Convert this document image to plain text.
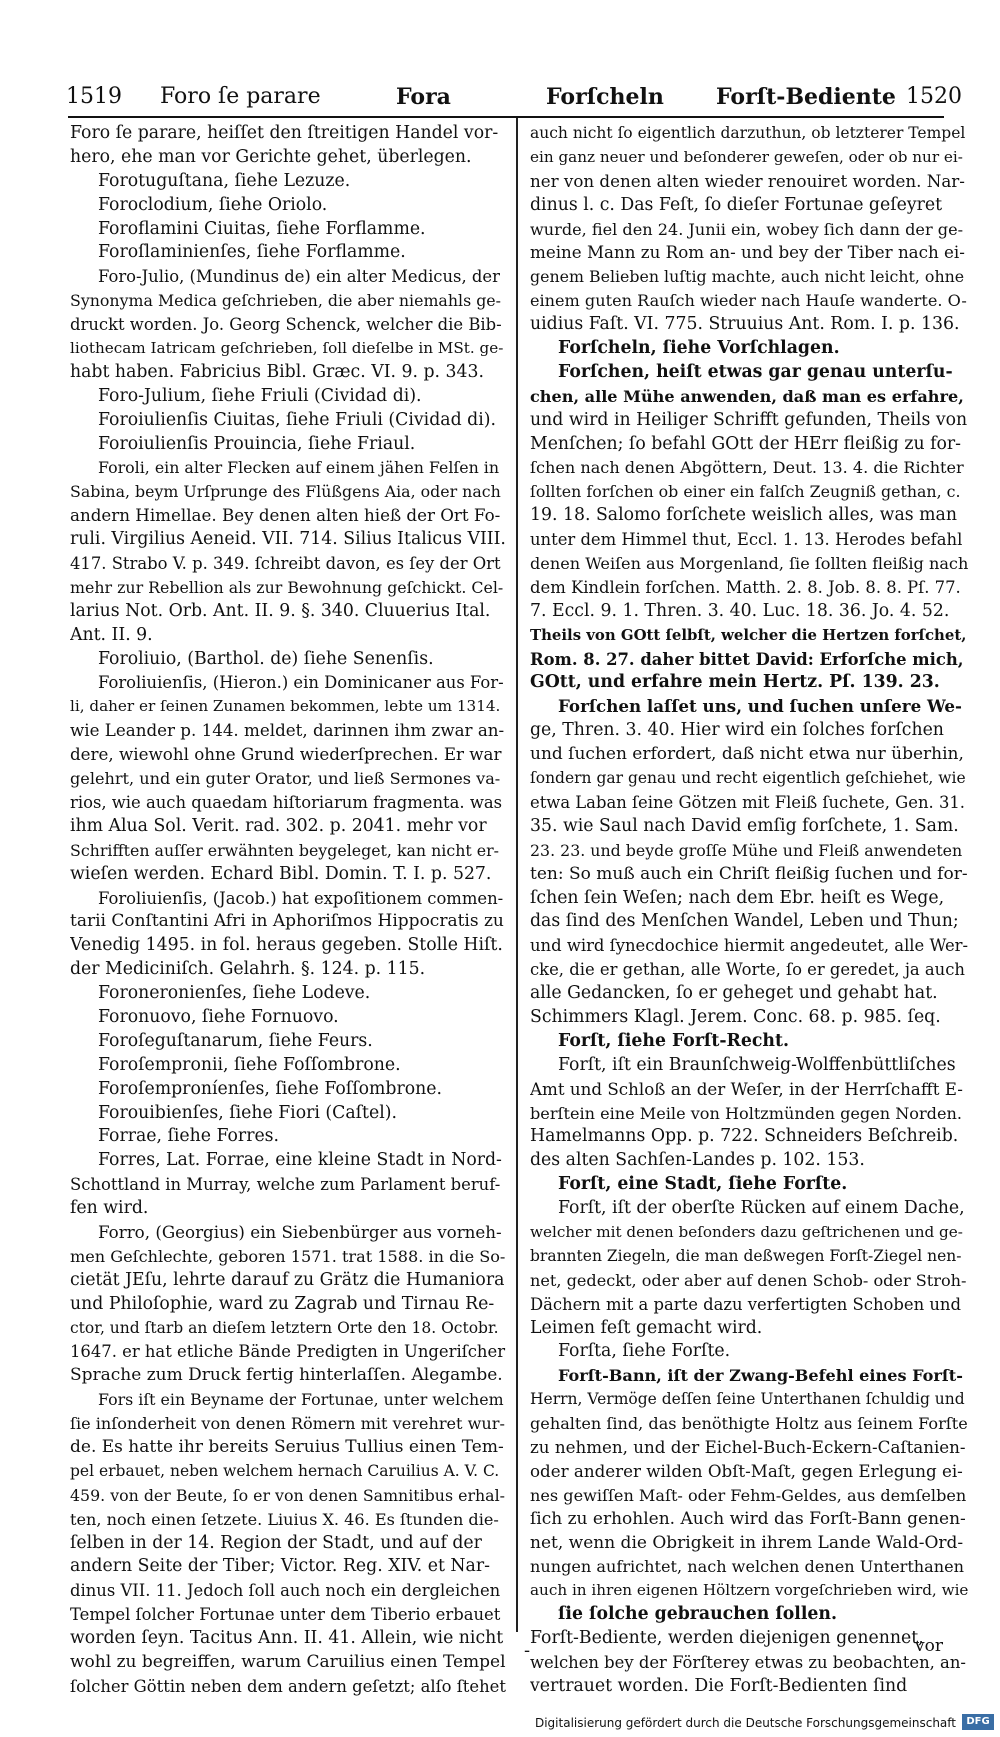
1519 Foro ſe parare	Fora	Forſcheln Forſt-Bediente 1520
Foro ſe parare, heiſſet den ſtreitigen Handel vor-
hero, ehe man vor Gerichte gehet, überlegen.
Forotuguſtana, ſiehe Lezuze.
Foroclodium, ſiehe Oriolo.
Foroflamini Ciuitas, ſiehe Forflamme.
Foroſlaminienſes, ſiehe Forflamme.
Foro-Julio, (Mundinus de) ein alter Medicus, der
Synonyma Medica geſchrieben, die aber niemahls ge-
druckt worden. Jo. Georg Schenck, welcher die Bib-
liothecam Iatricam geſchrieben, ſoll dieſelbe in MSt. ge-
habt haben. Fabricius Bibl. Græc. VI. 9. p. 343.
Foro-Julium, ſiehe Friuli (Cividad di).
Foroiulienſis Ciuitas, ſiehe Friuli (Cividad di).
Foroiulienſis Prouincia, ſiehe Friaul.
Foroli, ein alter Flecken auf einem jähen Felſen in
Sabina, beym Urſprunge des Flüßgens Aia, oder nach
andern Himellae. Bey denen alten hieß der Ort Fo-
ruli. Virgilius Aeneid. VII. 714. Silius Italicus VIII.
417. Strabo V. p. 349. ſchreibt davon, es ſey der Ort
mehr zur Rebellion als zur Bewohnung geſchickt. Cel-
larius Not. Orb. Ant. II. 9. §. 340. Cluuerius Ital.
Ant. II. 9.
Foroliuio, (Barthol. de) ſiehe Senenſis.
Foroliuienſis, (Hieron.) ein Dominicaner aus For-
li, daher er ſeinen Zunamen bekommen, lebte um 1314.
wie Leander p. 144. meldet, darinnen ihm zwar an-
dere, wiewohl ohne Grund wiederſprechen. Er war
gelehrt, und ein guter Orator, und ließ Sermones va-
rios, wie auch quaedam hiſtoriarum fragmenta. was
ihm Alua Sol. Verit. rad. 302. p. 2041. mehr vor
Schrifften auſſer erwähnten beygeleget, kan nicht er-
wieſen werden. Echard Bibl. Domin. T. I. p. 527.
Foroliuienſis, (Jacob.) hat expoſitionem commen-
tarii Conſtantini Afri in Aphoriſmos Hippocratis zu
Venedig 1495. in fol. heraus gegeben. Stolle Hiſt.
der Mediciniſch. Gelahrh. §. 124. p. 115.
Foroneronienſes, ſiehe Lodeve.
Foronuovo, ſiehe Fornuovo.
Foroſeguſtanarum, ſiehe Feurs.
Foroſempronii, ſiehe Foſſombrone.
Foroſemproníenſes, ſiehe Foſſombrone.
Forouibienſes, ſiehe Fiori (Caſtel).
Forrae, ſiehe Forres.
Forres, Lat. Forrae, eine kleine Stadt in Nord-
Schottland in Murray, welche zum Parlament beruf-
fen wird.
Forro, (Georgius) ein Siebenbürger aus vorneh-
men Geſchlechte, geboren 1571. trat 1588. in die So-
cietät JEſu, lehrte darauf zu Grätz die Humaniora
und Philoſophie, ward zu Zagrab und Tirnau Re-
ctor, und ſtarb an dieſem letztern Orte den 18. Octobr.
1647. er hat etliche Bände Predigten in Ungeriſcher
Sprache zum Druck fertig hinterlaſſen. Alegambe.
Fors iſt ein Beyname der Fortunae, unter welchem
ſie inſonderheit von denen Römern mit verehret wur-
de. Es hatte ihr bereits Seruius Tullius einen Tem-
pel erbauet, neben welchem hernach Caruilius A. V. C.
459. von der Beute, ſo er von denen Samnitibus erhal-
ten, noch einen ſetzete. Liuius X. 46. Es ſtunden die-
ſelben in der 14. Region der Stadt, und auf der
andern Seite der Tiber; Victor. Reg. XIV. et Nar-
dinus VII. 11. Jedoch ſoll auch noch ein dergleichen
Tempel ſolcher Fortunae unter dem Tiberio erbauet
worden ſeyn. Tacitus Ann. II. 41. Allein, wie nicht
wohl zu begreiffen, warum Caruilius einen Tempel
ſolcher Göttin neben dem andern geſetzt; alſo ſtehet
auch nicht ſo eigentlich darzuthun, ob letzterer Tempel
ein ganz neuer und beſonderer geweſen, oder ob nur ei-
ner von denen alten wieder renouiret worden. Nar-
dinus l. c. Das Feſt, ſo dieſer Fortunae geſeyret
wurde, fiel den 24. Junii ein, wobey ſich dann der ge-
meine Mann zu Rom an- und bey der Tiber nach ei-
genem Belieben luſtig machte, auch nicht leicht, ohne
einem guten Rauſch wieder nach Hauſe wanderte. O-
uidius Faſt. VI. 775. Struuius Ant. Rom. I. p. 136.
Forſcheln, ſiehe Vorſchlagen.
Forſchen, heiſt etwas gar genau unterſu-
chen, alle Mühe anwenden, daß man es erfahre,
und wird in Heiliger Schrifft gefunden, Theils von
Menſchen; ſo befahl GOtt der HErr fleißig zu for-
ſchen nach denen Abgöttern, Deut. 13. 4. die Richter
ſollten forſchen ob einer ein falſch Zeugniß gethan, c.
19. 18. Salomo forſchete weislich alles, was man
unter dem Himmel thut, Eccl. 1. 13. Herodes befahl
denen Weiſen aus Morgenland, ſie ſollten fleißig nach
dem Kindlein forſchen. Matth. 2. 8. Job. 8. 8. Pſ. 77.
7. Eccl. 9. 1. Thren. 3. 40. Luc. 18. 36. Jo. 4. 52.
Theils von GOtt ſelbſt, welcher die Hertzen forſchet,
Rom. 8. 27. daher bittet David: Erforſche mich,
GOtt, und erfahre mein Hertz. Pſ. 139. 23.
Forſchen laſſet uns, und ſuchen unſere We-
ge, Thren. 3. 40. Hier wird ein ſolches forſchen
und ſuchen erfordert, daß nicht etwa nur überhin,
ſondern gar genau und recht eigentlich geſchiehet, wie
etwa Laban ſeine Götzen mit Fleiß ſuchete, Gen. 31.
35. wie Saul nach David emſig forſchete, 1. Sam.
23. 23. und beyde groſſe Mühe und Fleiß anwendeten
ten: So muß auch ein Chriſt fleißig ſuchen und for-
ſchen ſein Weſen; nach dem Ebr. heiſt es Wege,
das ſind des Menſchen Wandel, Leben und Thun;
und wird ſynecdochice hiermit angedeutet, alle Wer-
cke, die er gethan, alle Worte, ſo er geredet, ja auch
alle Gedancken, ſo er geheget und gehabt hat.
Schimmers Klagl. Jerem. Conc. 68. p. 985. ſeq.
Forſt, ſiehe Forſt-Recht.
Forſt, iſt ein Braunſchweig-Wolffenbüttliſches
Amt und Schloß an der Weſer, in der Herrſchafft E-
berſtein eine Meile von Holtzmünden gegen Norden.
Hamelmanns Opp. p. 722. Schneiders Beſchreib.
des alten Sachſen-Landes p. 102. 153.
Forſt, eine Stadt, ſiehe Forſte.
Forſt, iſt der oberſte Rücken auf einem Dache,
welcher mit denen beſonders dazu geſtrichenen und ge-
brannten Ziegeln, die man deßwegen Forſt-Ziegel nen-
net, gedeckt, oder aber auf denen Schob- oder Stroh-
Dächern mit a parte dazu verfertigten Schoben und
Leimen feſt gemacht wird.
Forſta, ſiehe Forſte.
Forſt-Bann, iſt der Zwang-Befehl eines Forſt-
Herrn, Vermöge deſſen ſeine Unterthanen ſchuldig und
gehalten ſind, das benöthigte Holtz aus ſeinem Forſte
zu nehmen, und der Eichel-Buch-Eckern-Caſtanien-
oder anderer wilden Obſt-Maſt, gegen Erlegung ei-
nes gewiſſen Maſt- oder Fehm-Geldes, aus demſelben
ſich zu erhohlen. Auch wird das Forſt-Bann genen-
net, wenn die Obrigkeit in ihrem Lande Wald-Ord-
nungen aufrichtet, nach welchen denen Unterthanen
auch in ihren eigenen Höltzern vorgeſchrieben wird, wie
ſie ſolche gebrauchen ſollen.
Forſt-Bediente, werden diejenigen genennet,
welchen bey der Förſterey etwas zu beobachten, an-
vertrauet worden. Die Forſt-Bedienten ſind
-	vor
Digitalisierung gefördert durch die Deutsche Forschungsgemeinschaft	DFG
